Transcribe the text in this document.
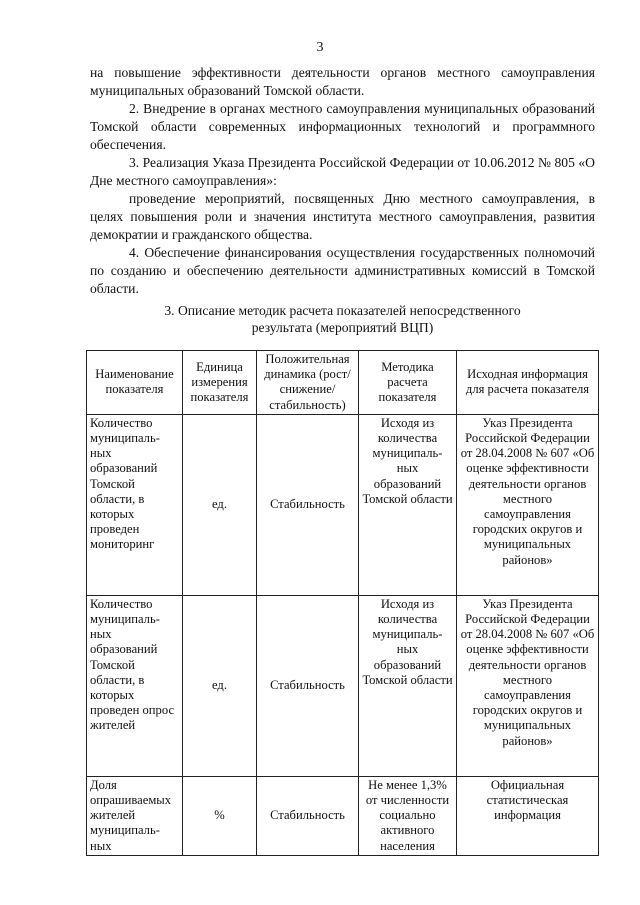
3

на повышение эффективности деятельности органов местного самоуправления муниципальных образований Томской области.

2. Внедрение в органах местного самоуправления муниципальных образований Томской области современных информационных технологий и программного обеспечения.

3. Реализация Указа Президента Российской Федерации от 10.06.2012 № 805 «О Дне местного самоуправления»:

проведение мероприятий, посвященных Дню местного самоуправления, в целях повышения роли и значения института местного самоуправления, развития демократии и гражданского общества.

4. Обеспечение финансирования осуществления государственных полномочий по созданию и обеспечению деятельности административных комиссий в Томской области.

3. Описание методик расчета показателей непосредственного
результата (мероприятий ВЦП)
Наименование показателя	Единица измерения показателя	Положительная динамика (рост/снижение/ стабильность)	Методика расчета показателя	Исходная информация для расчета показателя
Количество муниципаль-ных образований Томской области, в которых проведен мониторинг	ед.	Стабильность	Исходя из количества муниципаль-ных образований Томской области	Указ Президента Российской Федерации от 28.04.2008 № 607 «Об оценке эффективности деятельности органов местного самоуправления городских округов и муниципальных районов»
Количество муниципаль-ных образований Томской области, в которых проведен опрос жителей	ед.	Стабильность	Исходя из количества муниципаль-ных образований Томской области	Указ Президента Российской Федерации от 28.04.2008 № 607 «Об оценке эффективности деятельности органов местного самоуправления городских округов и муниципальных районов»
Доля опрашиваемых жителей муниципаль-ных	%	Стабильность	Не менее 1,3% от численности социально активного населения	Официальная статистическая информация
